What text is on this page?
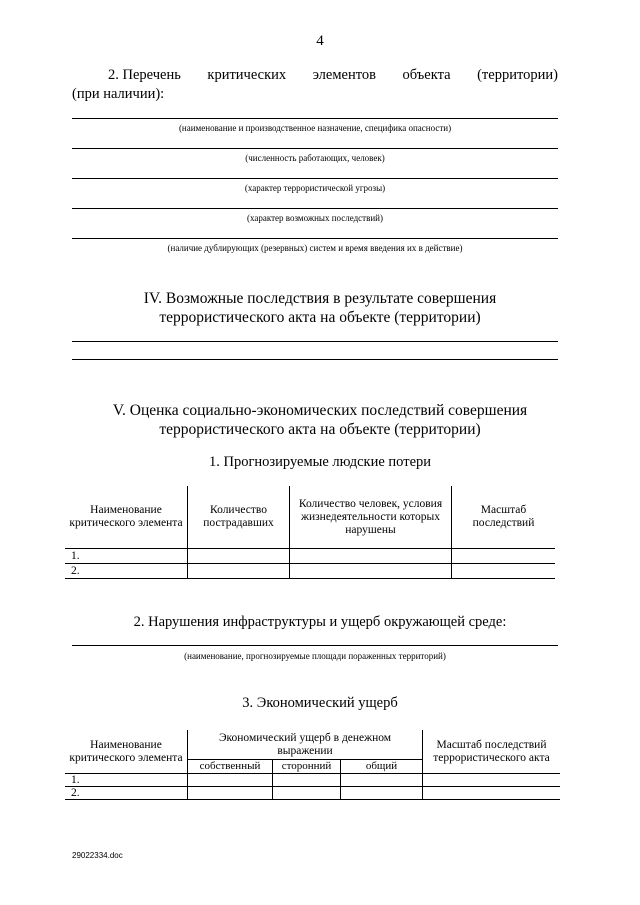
4
2. Перечень критических элементов объекта (территории)
(при наличии):
(наименование и производственное назначение, специфика опасности)
(численность работающих, человек)
(характер террористической угрозы)
(характер возможных последствий)
(наличие дублирующих (резервных) систем и время введения их в действие)
IV. Возможные последствия в результате совершения
террористического акта на объекте (территории)
V. Оценка социально-экономических последствий совершения
террористического акта на объекте (территории)
1. Прогнозируемые людские потери
Наименование критического элемента	Количество пострадавших	Количество человек, условия жизнедеятельности которых нарушены	Масштаб последствий
1.			
2.			
2. Нарушения инфраструктуры и ущерб окружающей среде:
(наименование, прогнозируемые площади пораженных территорий)
3. Экономический ущерб
Наименование критического элемента	Экономический ущерб в денежном выражении			Масштаб последствий террористического акта
	собственный	сторонний	общий	
1.				
2.				
29022334.doc
